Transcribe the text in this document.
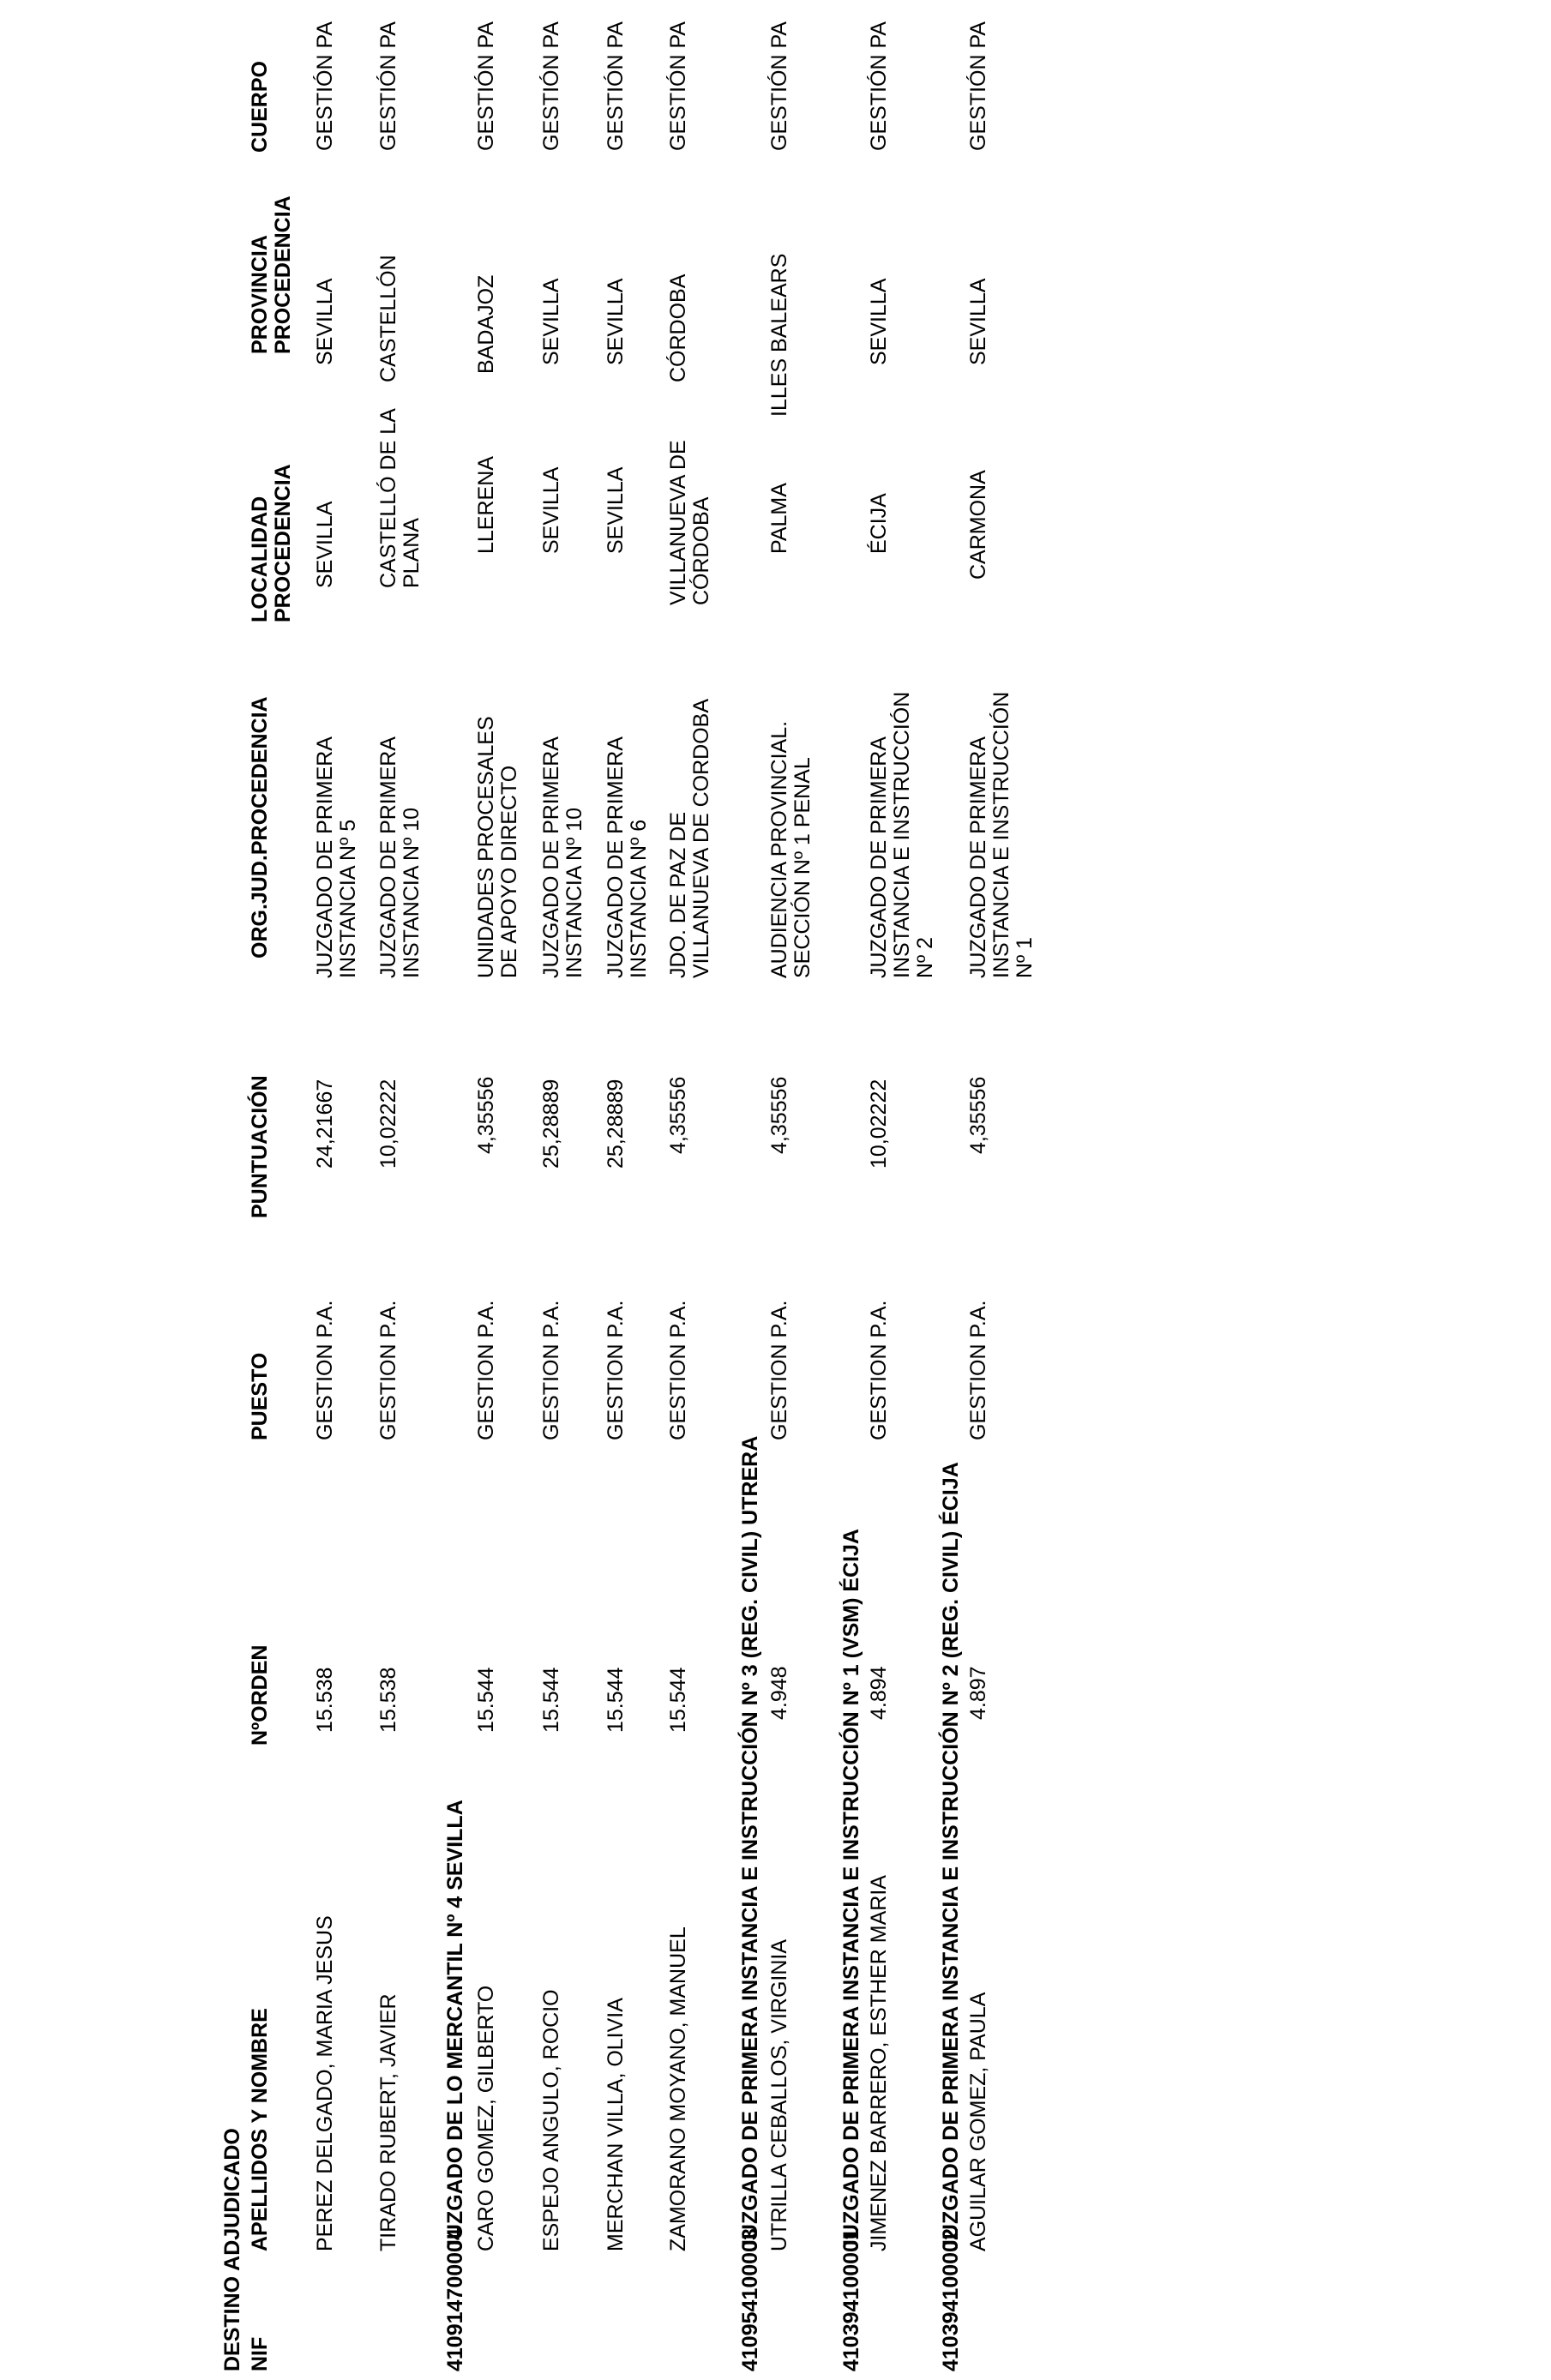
DESTINO ADJUDICADO NIF
APELLIDOS Y NOMBRE
NºORDEN
PUESTO
PUNTUACIÓN
ORG.JUD.PROCEDENCIA
LOCALIDAD PROCEDENCIA
PROVINCIA PROCEDENCIA
CUERPO
PEREZ DELGADO, MARIA JESUS
15.538
GESTION P.A.
24,21667
JUZGADO DE PRIMERA INSTANCIA Nº 5
SEVILLA
SEVILLA
GESTIÓN PA
TIRADO RUBERT, JAVIER
15.538
GESTION P.A.
10,02222
JUZGADO DE PRIMERA INSTANCIA Nº 10
CASTELLÓ DE LA PLANA
CASTELLÓN
GESTIÓN PA
410914700004
JUZGADO DE LO MERCANTIL Nº 4 SEVILLA CARO GOMEZ, GILBERTO
15.544
GESTION P.A.
4,35556
UNIDADES PROCESALES DE APOYO DIRECTO
LLERENA
BADAJOZ
GESTIÓN PA
ESPEJO ANGULO, ROCIO
15.544
GESTION P.A.
25,28889
JUZGADO DE PRIMERA INSTANCIA Nº 10
SEVILLA
SEVILLA
GESTIÓN PA
MERCHAN VILLA, OLIVIA
15.544
GESTION P.A.
25,28889
JUZGADO DE PRIMERA INSTANCIA Nº 6
SEVILLA
SEVILLA
GESTIÓN PA
ZAMORANO MOYANO, MANUEL
15.544
GESTION P.A.
4,35556
JDO. DE PAZ DE VILLANUEVA DE CORDOBA
VILLANUEVA DE CÓRDOBA
CÓRDOBA
GESTIÓN PA
410954100003
JUZGADO DE PRIMERA INSTANCIA E INSTRUCCIÓN Nº 3 (REG. CIVIL) UTRERA UTRILLA CEBALLOS, VIRGINIA
4.948
GESTION P.A.
4,35556
AUDIENCIA PROVINCIAL. SECCIÓN Nº 1 PENAL
PALMA
ILLES BALEARS
GESTIÓN PA
410394100001
JUZGADO DE PRIMERA INSTANCIA E INSTRUCCIÓN Nº 1 (VSM) ÉCIJA JIMENEZ BARRERO, ESTHER MARIA
4.894
GESTION P.A.
10,02222
JUZGADO DE PRIMERA INSTANCIA E INSTRUCCIÓN Nº 2
ÉCIJA
SEVILLA
GESTIÓN PA
410394100002
JUZGADO DE PRIMERA INSTANCIA E INSTRUCCIÓN Nº 2 (REG. CIVIL) ÉCIJA AGUILAR GOMEZ, PAULA
4.897
GESTION P.A.
4,35556
JUZGADO DE PRIMERA INSTANCIA E INSTRUCCIÓN Nº 1
CARMONA
SEVILLA
GESTIÓN PA
